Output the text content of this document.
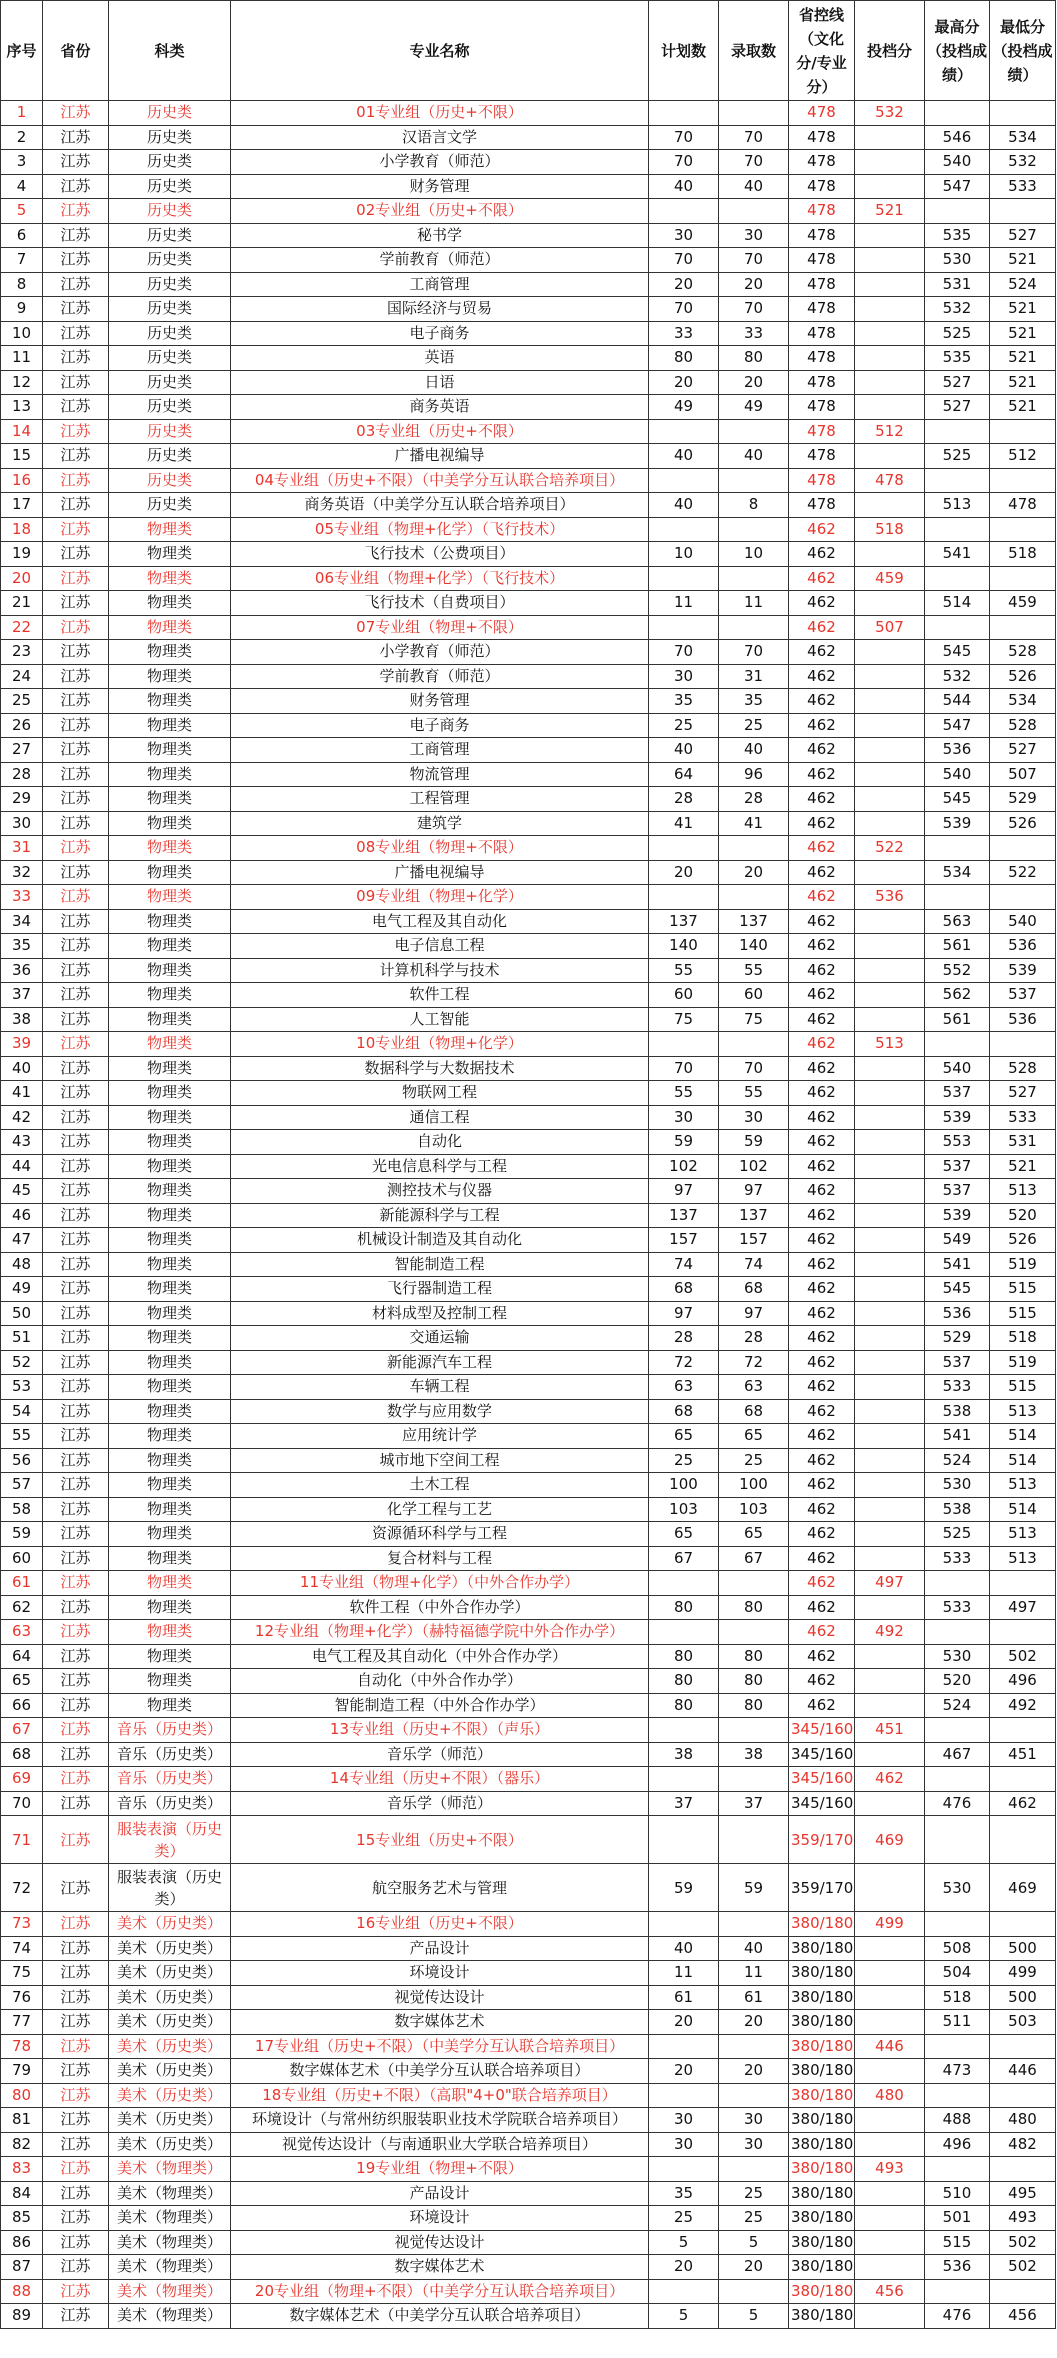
序号	省份	科类	专业名称	计划数	录取数	省控线（文化分/专业分）	投档分	最高分（投档成绩）	最低分（投档成绩）
1	江苏	历史类	01专业组（历史+不限）			478	532		
2	江苏	历史类	汉语言文学	70	70	478		546	534
3	江苏	历史类	小学教育（师范）	70	70	478		540	532
4	江苏	历史类	财务管理	40	40	478		547	533
5	江苏	历史类	02专业组（历史+不限）			478	521		
6	江苏	历史类	秘书学	30	30	478		535	527
7	江苏	历史类	学前教育（师范）	70	70	478		530	521
8	江苏	历史类	工商管理	20	20	478		531	524
9	江苏	历史类	国际经济与贸易	70	70	478		532	521
10	江苏	历史类	电子商务	33	33	478		525	521
11	江苏	历史类	英语	80	80	478		535	521
12	江苏	历史类	日语	20	20	478		527	521
13	江苏	历史类	商务英语	49	49	478		527	521
14	江苏	历史类	03专业组（历史+不限）			478	512		
15	江苏	历史类	广播电视编导	40	40	478		525	512
16	江苏	历史类	04专业组（历史+不限）（中美学分互认联合培养项目）			478	478		
17	江苏	历史类	商务英语（中美学分互认联合培养项目）	40	8	478		513	478
18	江苏	物理类	05专业组（物理+化学）（飞行技术）			462	518		
19	江苏	物理类	飞行技术（公费项目）	10	10	462		541	518
20	江苏	物理类	06专业组（物理+化学）（飞行技术）			462	459		
21	江苏	物理类	飞行技术（自费项目）	11	11	462		514	459
22	江苏	物理类	07专业组（物理+不限）			462	507		
23	江苏	物理类	小学教育（师范）	70	70	462		545	528
24	江苏	物理类	学前教育（师范）	30	31	462		532	526
25	江苏	物理类	财务管理	35	35	462		544	534
26	江苏	物理类	电子商务	25	25	462		547	528
27	江苏	物理类	工商管理	40	40	462		536	527
28	江苏	物理类	物流管理	64	96	462		540	507
29	江苏	物理类	工程管理	28	28	462		545	529
30	江苏	物理类	建筑学	41	41	462		539	526
31	江苏	物理类	08专业组（物理+不限）			462	522		
32	江苏	物理类	广播电视编导	20	20	462		534	522
33	江苏	物理类	09专业组（物理+化学）			462	536		
34	江苏	物理类	电气工程及其自动化	137	137	462		563	540
35	江苏	物理类	电子信息工程	140	140	462		561	536
36	江苏	物理类	计算机科学与技术	55	55	462		552	539
37	江苏	物理类	软件工程	60	60	462		562	537
38	江苏	物理类	人工智能	75	75	462		561	536
39	江苏	物理类	10专业组（物理+化学）			462	513		
40	江苏	物理类	数据科学与大数据技术	70	70	462		540	528
41	江苏	物理类	物联网工程	55	55	462		537	527
42	江苏	物理类	通信工程	30	30	462		539	533
43	江苏	物理类	自动化	59	59	462		553	531
44	江苏	物理类	光电信息科学与工程	102	102	462		537	521
45	江苏	物理类	测控技术与仪器	97	97	462		537	513
46	江苏	物理类	新能源科学与工程	137	137	462		539	520
47	江苏	物理类	机械设计制造及其自动化	157	157	462		549	526
48	江苏	物理类	智能制造工程	74	74	462		541	519
49	江苏	物理类	飞行器制造工程	68	68	462		545	515
50	江苏	物理类	材料成型及控制工程	97	97	462		536	515
51	江苏	物理类	交通运输	28	28	462		529	518
52	江苏	物理类	新能源汽车工程	72	72	462		537	519
53	江苏	物理类	车辆工程	63	63	462		533	515
54	江苏	物理类	数学与应用数学	68	68	462		538	513
55	江苏	物理类	应用统计学	65	65	462		541	514
56	江苏	物理类	城市地下空间工程	25	25	462		524	514
57	江苏	物理类	土木工程	100	100	462		530	513
58	江苏	物理类	化学工程与工艺	103	103	462		538	514
59	江苏	物理类	资源循环科学与工程	65	65	462		525	513
60	江苏	物理类	复合材料与工程	67	67	462		533	513
61	江苏	物理类	11专业组（物理+化学）（中外合作办学）			462	497		
62	江苏	物理类	软件工程（中外合作办学）	80	80	462		533	497
63	江苏	物理类	12专业组（物理+化学）（赫特福德学院中外合作办学）			462	492		
64	江苏	物理类	电气工程及其自动化（中外合作办学）	80	80	462		530	502
65	江苏	物理类	自动化（中外合作办学）	80	80	462		520	496
66	江苏	物理类	智能制造工程（中外合作办学）	80	80	462		524	492
67	江苏	音乐（历史类）	13专业组（历史+不限）（声乐）			345/160	451		
68	江苏	音乐（历史类）	音乐学（师范）	38	38	345/160		467	451
69	江苏	音乐（历史类）	14专业组（历史+不限）（器乐）			345/160	462		
70	江苏	音乐（历史类）	音乐学（师范）	37	37	345/160		476	462
71	江苏	服装表演（历史类）	15专业组（历史+不限）			359/170	469		
72	江苏	服装表演（历史类）	航空服务艺术与管理	59	59	359/170		530	469
73	江苏	美术（历史类）	16专业组（历史+不限）			380/180	499		
74	江苏	美术（历史类）	产品设计	40	40	380/180		508	500
75	江苏	美术（历史类）	环境设计	11	11	380/180		504	499
76	江苏	美术（历史类）	视觉传达设计	61	61	380/180		518	500
77	江苏	美术（历史类）	数字媒体艺术	20	20	380/180		511	503
78	江苏	美术（历史类）	17专业组（历史+不限）（中美学分互认联合培养项目）			380/180	446		
79	江苏	美术（历史类）	数字媒体艺术（中美学分互认联合培养项目）	20	20	380/180		473	446
80	江苏	美术（历史类）	18专业组（历史+不限）（高职"4+0"联合培养项目）			380/180	480		
81	江苏	美术（历史类）	环境设计（与常州纺织服装职业技术学院联合培养项目）	30	30	380/180		488	480
82	江苏	美术（历史类）	视觉传达设计（与南通职业大学联合培养项目）	30	30	380/180		496	482
83	江苏	美术（物理类）	19专业组（物理+不限）			380/180	493		
84	江苏	美术（物理类）	产品设计	35	25	380/180		510	495
85	江苏	美术（物理类）	环境设计	25	25	380/180		501	493
86	江苏	美术（物理类）	视觉传达设计	5	5	380/180		515	502
87	江苏	美术（物理类）	数字媒体艺术	20	20	380/180		536	502
88	江苏	美术（物理类）	20专业组（物理+不限）（中美学分互认联合培养项目）			380/180	456		
89	江苏	美术（物理类）	数字媒体艺术（中美学分互认联合培养项目）	5	5	380/180		476	456
